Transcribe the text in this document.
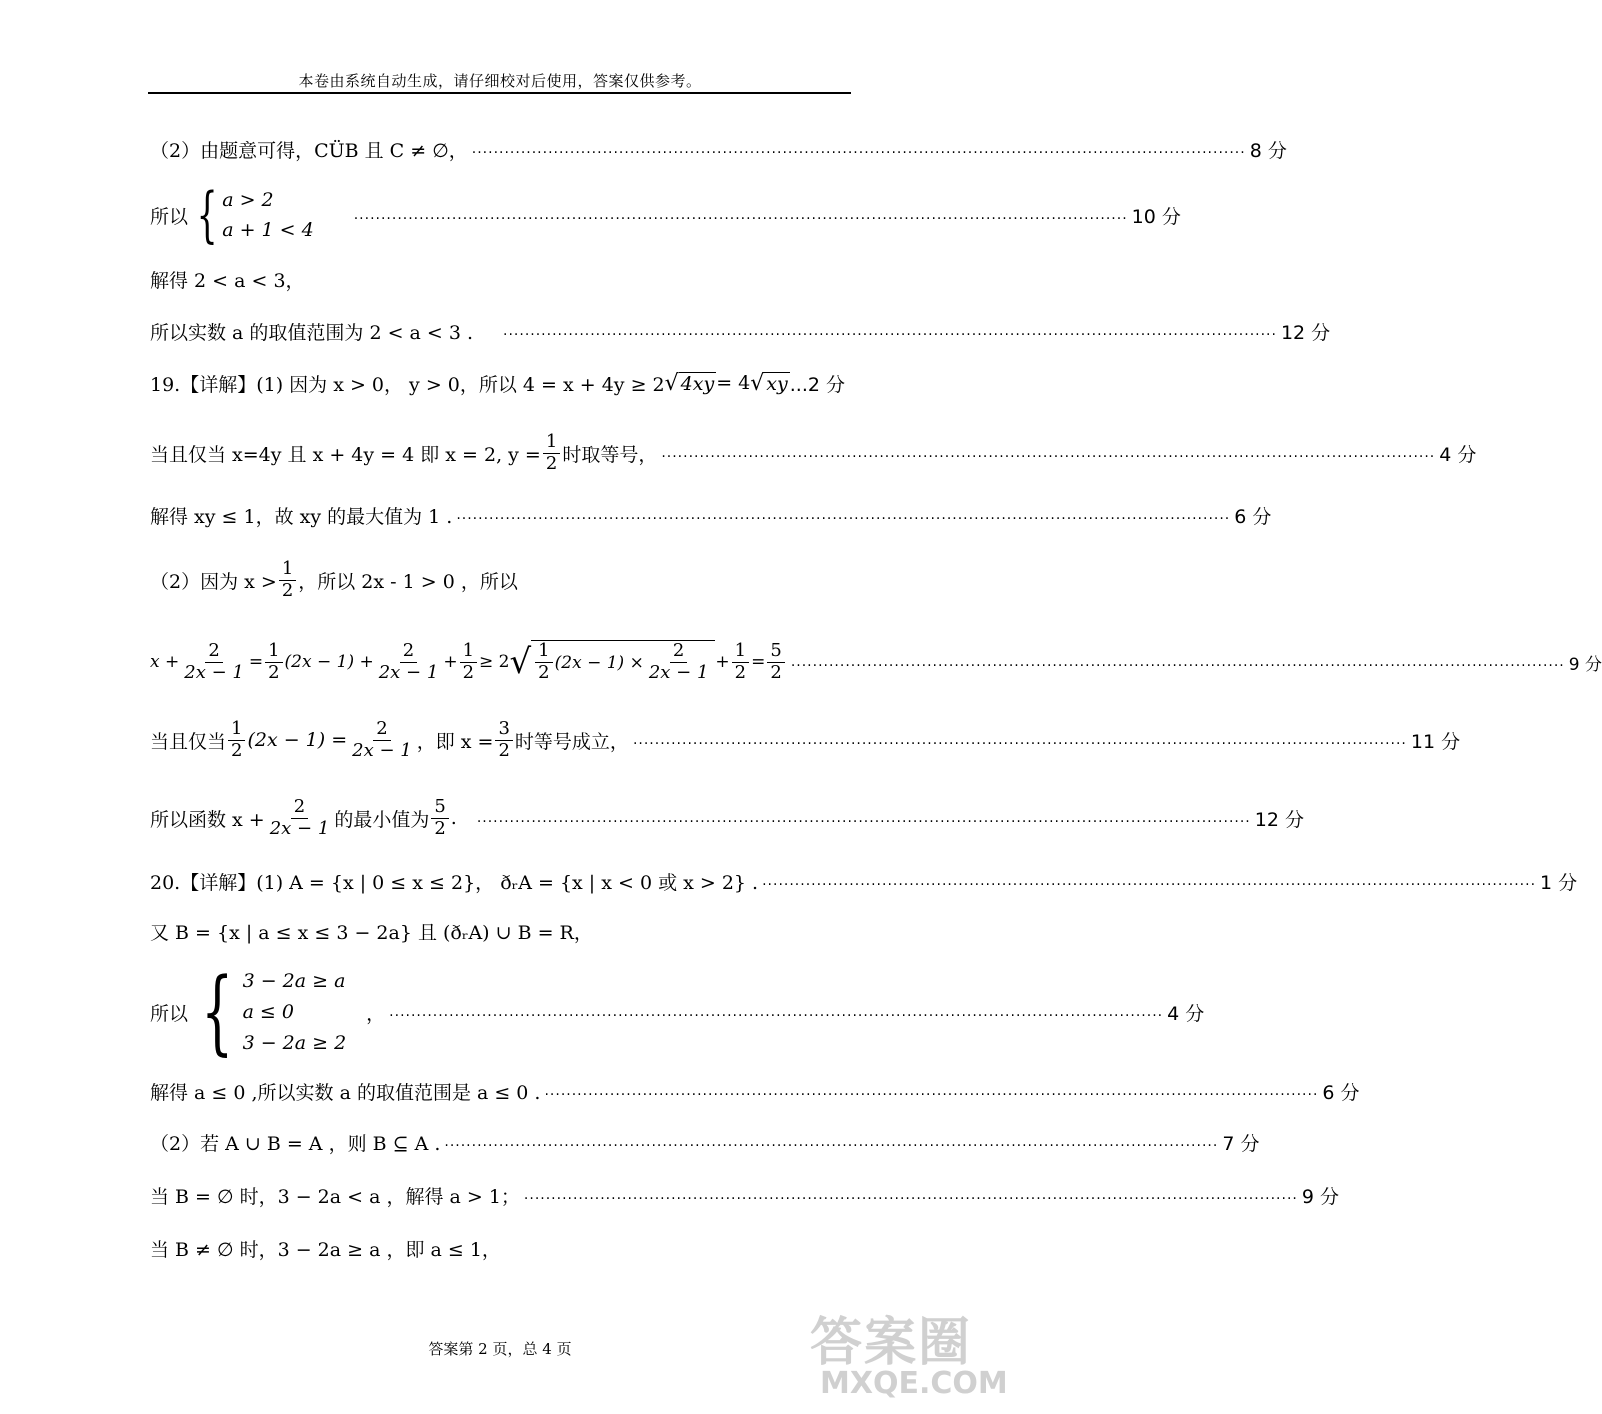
本卷由系统自动生成，请仔细校对后使用，答案仅供参考。
（2）由题意可得，CÜB 且 C ≠ ∅， .............................................................................................................................................. 8 分
所以 { a > 2
a + 1 < 4
.............................................................................................................................................. 10 分
解得 2 < a < 3，
所以实数 a 的取值范围为 2 < a < 3 . .............................................................................................................................................. 12 分
19.【详解】(1) 因为 x > 0， y > 0，所以 4 = x + 4y ≥ 2 √ 4xy = 4 √ xy ...2 分
当且仅当 x=4y 且 x + 4y = 4 即 x = 2, $y = \frac{1}{2}$ 时取等号， .............................................................................................................................................. 4 分
解得 xy ≤ 1，故 xy 的最大值为 1 . .............................................................................................................................................. 6 分
（2）因为 $x > \frac{1}{2}$ ，所以 2x - 1 > 0 ，所以
$x + \frac{2}{2x - 1} = \frac{1}{2} (2x - 1) + \frac{2}{2x - 1} + \frac{1}{2} \ge 2$ √ $\frac{1}{2} (2x - 1) \times \frac{2}{2x - 1} + \frac{1}{2} = \frac{5}{2}$ .............................................................................................................................................. 9 分
当且仅当 $\frac{1}{2} (2x - 1) = \frac{2}{2x - 1}$ ，即 $x = \frac{3}{2}$ 时等号成立， .............................................................................................................................................. 11 分
所以函数 $x + \frac{2}{2x - 1}$ 的最小值为 $\frac{5}{2}$ . .............................................................................................................................................. 12 分
20.【详解】(1) A = {x | 0 ≤ x ≤ 2}， ðᵣA = {x | x < 0 或 x > 2} . .............................................................................................................................................. 1 分
又 B = {x | a ≤ x ≤ 3 − 2a} 且 (ðᵣA) ∪ B = R，
所以 { 3 − 2a ≥ a
a ≤ 0
3 − 2a ≥ 2
， .............................................................................................................................................. 4 分
解得 a ≤ 0 ,所以实数 a 的取值范围是 a ≤ 0 . .............................................................................................................................................. 6 分
（2）若 A ∪ B = A ，则 B ⊆ A . .............................................................................................................................................. 7 分
当 B = ∅ 时，3 − 2a < a ，解得 a > 1； .............................................................................................................................................. 9 分
当 B ≠ ∅ 时，3 − 2a ≥ a ，即 a ≤ 1，
答案第 2 页，总 4 页	答案圈
MXQE.COM
